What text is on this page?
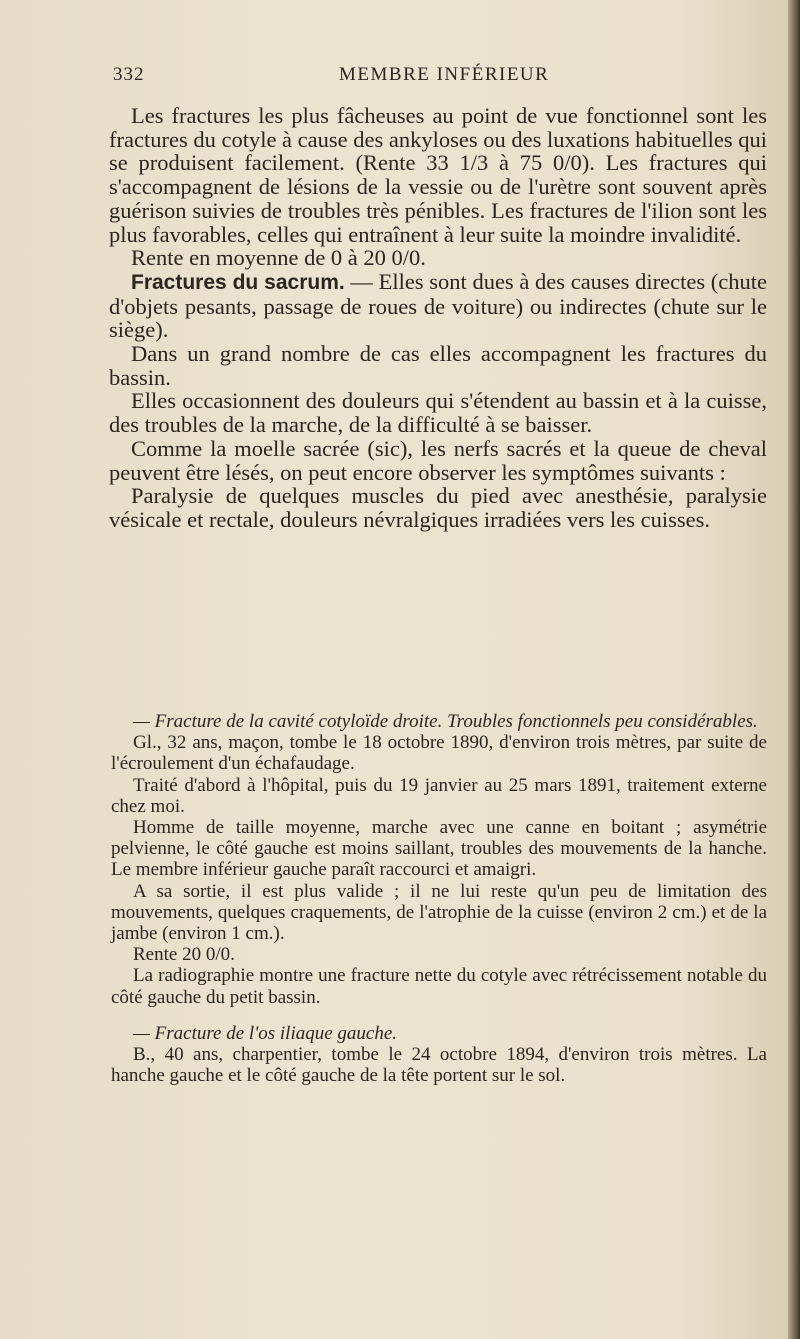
332	MEMBRE INFÉRIEUR

Les fractures les plus fâcheuses au point de vue fonctionnel sont les fractures du cotyle à cause des ankyloses ou des luxations habituelles qui se produisent facilement. (Rente 33 1/3 à 75 0/0). Les fractures qui s'accompagnent de lésions de la vessie ou de l'urètre sont souvent après guérison suivies de troubles très pénibles. Les fractures de l'ilion sont les plus favorables, celles qui entraînent à leur suite la moindre invalidité.

Rente en moyenne de 0 à 20 0/0.

Fractures du sacrum. — Elles sont dues à des causes directes (chute d'objets pesants, passage de roues de voiture) ou indirectes (chute sur le siège).

Dans un grand nombre de cas elles accompagnent les fractures du bassin.

Elles occasionnent des douleurs qui s'étendent au bassin et à la cuisse, des troubles de la marche, de la difficulté à se baisser.

Comme la moelle sacrée (sic), les nerfs sacrés et la queue de cheval peuvent être lésés, on peut encore observer les symptômes suivants :

Paralysie de quelques muscles du pied avec anesthésie, paralysie vésicale et rectale, douleurs névralgiques irradiées vers les cuisses.

— Fracture de la cavité cotyloïde droite. Troubles fonctionnels peu considérables.

Gl., 32 ans, maçon, tombe le 18 octobre 1890, d'environ trois mètres, par suite de l'écroulement d'un échafaudage.

Traité d'abord à l'hôpital, puis du 19 janvier au 25 mars 1891, traitement externe chez moi.

Homme de taille moyenne, marche avec une canne en boitant ; asymétrie pelvienne, le côté gauche est moins saillant, troubles des mouvements de la hanche. Le membre inférieur gauche paraît raccourci et amaigri.

A sa sortie, il est plus valide ; il ne lui reste qu'un peu de limitation des mouvements, quelques craquements, de l'atrophie de la cuisse (environ 2 cm.) et de la jambe (environ 1 cm.).

Rente 20 0/0.

La radiographie montre une fracture nette du cotyle avec rétrécissement notable du côté gauche du petit bassin.

— Fracture de l'os iliaque gauche.

B., 40 ans, charpentier, tombe le 24 octobre 1894, d'environ trois mètres. La hanche gauche et le côté gauche de la tête portent sur le sol.
